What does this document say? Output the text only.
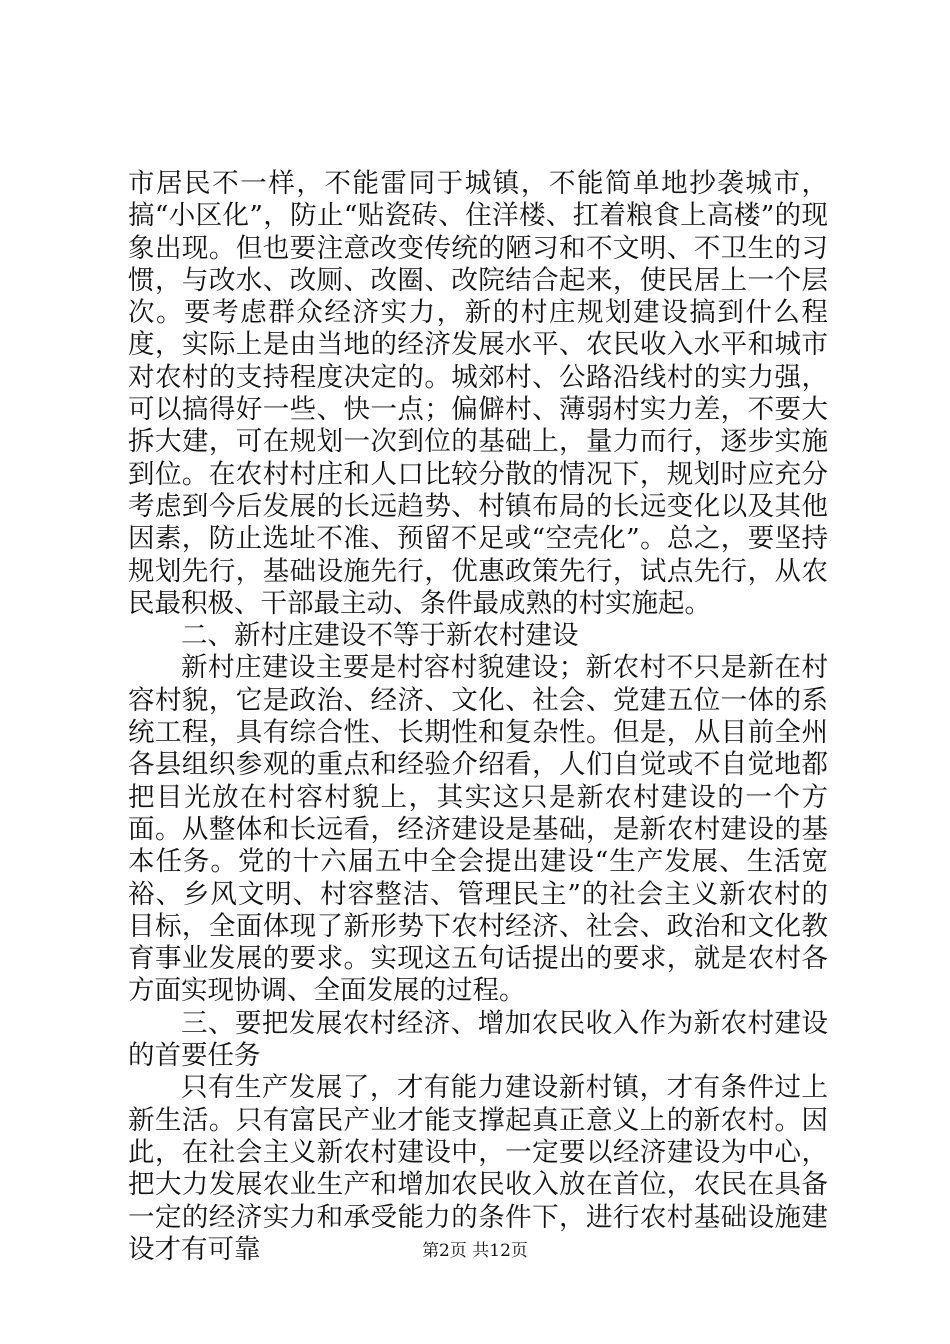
市居民不一样，不能雷同于城镇，不能简单地抄袭城市，搞“小区化”，防止“贴瓷砖、住洋楼、扛着粮食上高楼”的现象出现。但也要注意改变传统的陋习和不文明、不卫生的习惯，与改水、改厕、改圈、改院结合起来，使民居上一个层次。要考虑群众经济实力，新的村庄规划建设搞到什么程度，实际上是由当地的经济发展水平、农民收入水平和城市对农村的支持程度决定的。城郊村、公路沿线村的实力强，可以搞得好一些、快一点；偏僻村、薄弱村实力差，不要大拆大建，可在规划一次到位的基础上，量力而行，逐步实施到位。在农村村庄和人口比较分散的情况下，规划时应充分考虑到今后发展的长远趋势、村镇布局的长远变化以及其他因素，防止选址不准、预留不足或“空壳化”。总之，要坚持规划先行，基础设施先行，优惠政策先行，试点先行，从农民最积极、干部最主动、条件最成熟的村实施起。

二、新村庄建设不等于新农村建设

新村庄建设主要是村容村貌建设；新农村不只是新在村容村貌，它是政治、经济、文化、社会、党建五位一体的系统工程，具有综合性、长期性和复杂性。但是，从目前全州各县组织参观的重点和经验介绍看，人们自觉或不自觉地都把目光放在村容村貌上，其实这只是新农村建设的一个方面。从整体和长远看，经济建设是基础，是新农村建设的基本任务。党的十六届五中全会提出建设“生产发展、生活宽裕、乡风文明、村容整洁、管理民主”的社会主义新农村的目标，全面体现了新形势下农村经济、社会、政治和文化教育事业发展的要求。实现这五句话提出的要求，就是农村各方面实现协调、全面发展的过程。

三、要把发展农村经济、增加农民收入作为新农村建设的首要任务

只有生产发展了，才有能力建设新村镇，才有条件过上新生活。只有富民产业才能支撑起真正意义上的新农村。因此，在社会主义新农村建设中，一定要以经济建设为中心，把大力发展农业生产和增加农民收入放在首位，农民在具备一定的经济实力和承受能力的条件下，进行农村基础设施建设才有可靠	第2页 共12页
